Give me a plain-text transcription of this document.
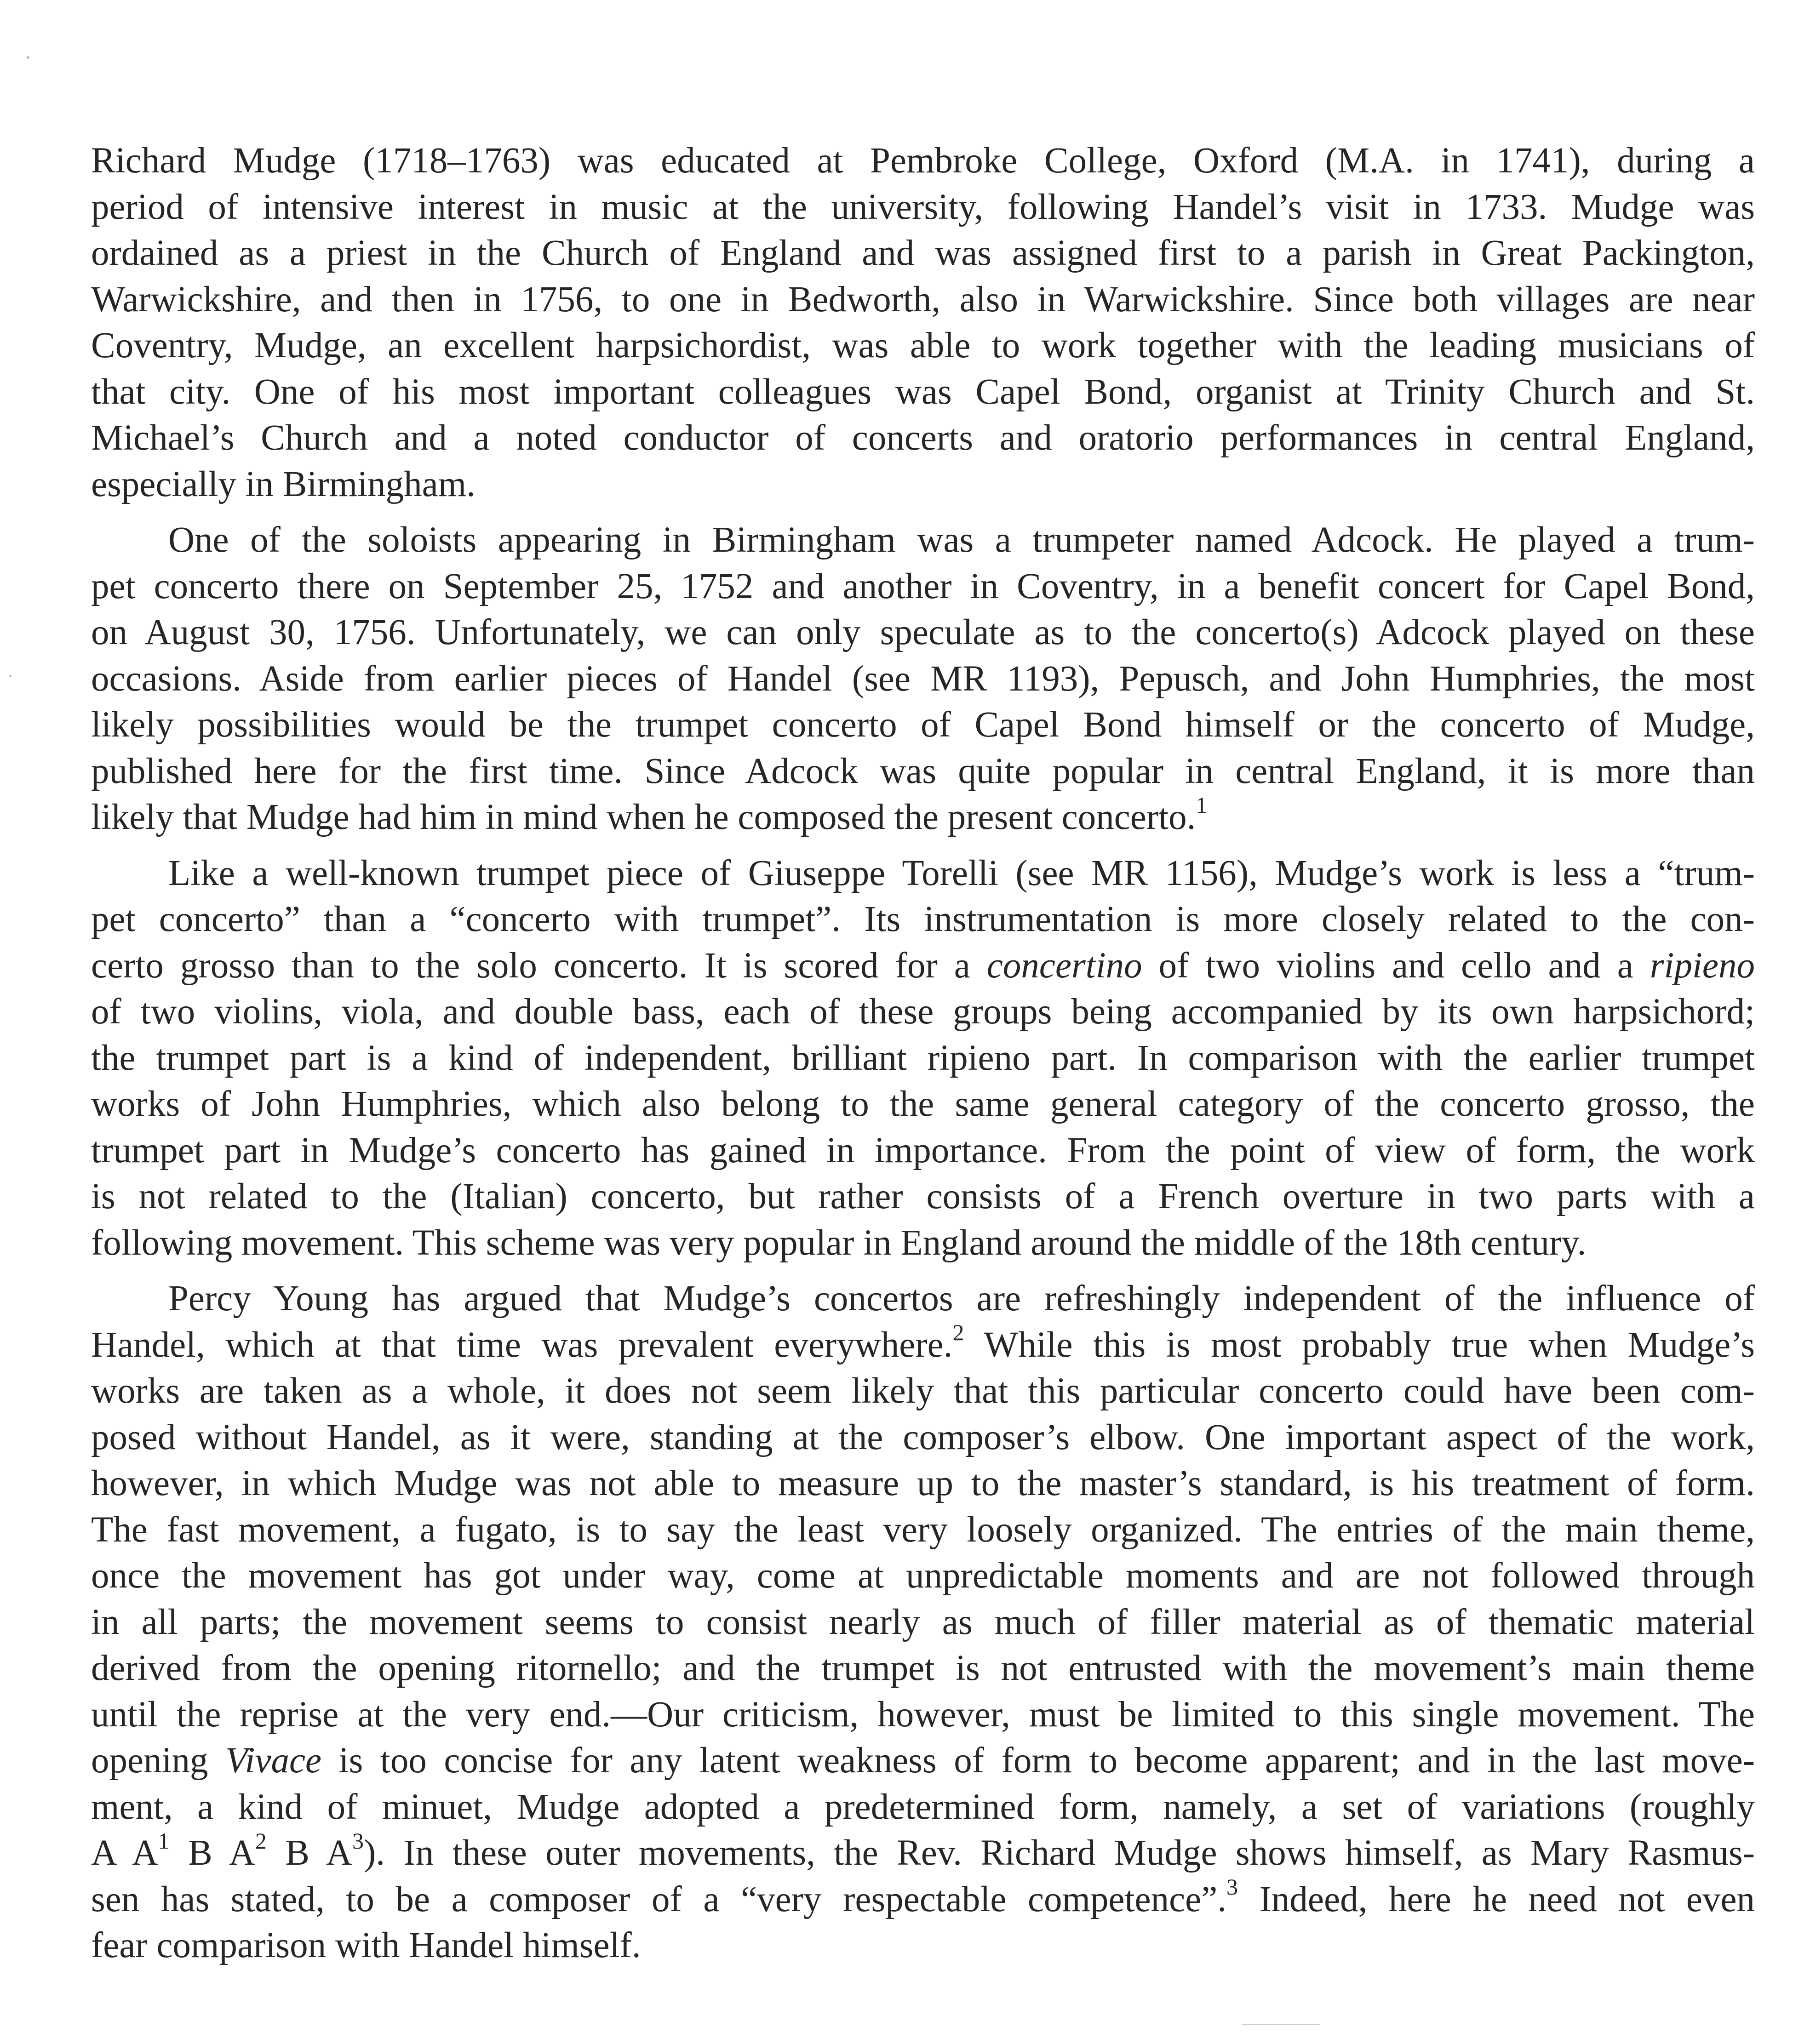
Richard Mudge (1718–1763) was educated at Pembroke College, Oxford (M.A. in 1741), during a
period of intensive interest in music at the university, following Handel’s visit in 1733. Mudge was
ordained as a priest in the Church of England and was assigned first to a parish in Great Packington,
Warwickshire, and then in 1756, to one in Bedworth, also in Warwickshire. Since both villages are near
Coventry, Mudge, an excellent harpsichordist, was able to work together with the leading musicians of
that city. One of his most important colleagues was Capel Bond, organist at Trinity Church and St.
Michael’s Church and a noted conductor of concerts and oratorio performances in central England,
especially in Birmingham.
One of the soloists appearing in Birmingham was a trumpeter named Adcock. He played a trum-
pet concerto there on September 25, 1752 and another in Coventry, in a benefit concert for Capel Bond,
on August 30, 1756. Unfortunately, we can only speculate as to the concerto(s) Adcock played on these
occasions. Aside from earlier pieces of Handel (see MR 1193), Pepusch, and John Humphries, the most
likely possibilities would be the trumpet concerto of Capel Bond himself or the concerto of Mudge,
published here for the first time. Since Adcock was quite popular in central England, it is more than
likely that Mudge had him in mind when he composed the present concerto.$^1$
Like a well-known trumpet piece of Giuseppe Torelli (see MR 1156), Mudge’s work is less a “trum-
pet concerto” than a “concerto with trumpet”. Its instrumentation is more closely related to the con-
certo grosso than to the solo concerto. It is scored for a concertino of two violins and cello and a ripieno
of two violins, viola, and double bass, each of these groups being accompanied by its own harpsichord;
the trumpet part is a kind of independent, brilliant ripieno part. In comparison with the earlier trumpet
works of John Humphries, which also belong to the same general category of the concerto grosso, the
trumpet part in Mudge’s concerto has gained in importance. From the point of view of form, the work
is not related to the (Italian) concerto, but rather consists of a French overture in two parts with a
following movement. This scheme was very popular in England around the middle of the 18th century.
Percy Young has argued that Mudge’s concertos are refreshingly independent of the influence of
Handel, which at that time was prevalent everywhere.$^2$ While this is most probably true when Mudge’s
works are taken as a whole, it does not seem likely that this particular concerto could have been com-
posed without Handel, as it were, standing at the composer’s elbow. One important aspect of the work,
however, in which Mudge was not able to measure up to the master’s standard, is his treatment of form.
The fast movement, a fugato, is to say the least very loosely organized. The entries of the main theme,
once the movement has got under way, come at unpredictable moments and are not followed through
in all parts; the movement seems to consist nearly as much of filler material as of thematic material
derived from the opening ritornello; and the trumpet is not entrusted with the movement’s main theme
until the reprise at the very end.—Our criticism, however, must be limited to this single movement. The
opening Vivace is too concise for any latent weakness of form to become apparent; and in the last move-
ment, a kind of minuet, Mudge adopted a predetermined form, namely, a set of variations (roughly
A $A^1$ B $A^2$ B $A^3$). In these outer movements, the Rev. Richard Mudge shows himself, as Mary Rasmus-
sen has stated, to be a composer of a “very respectable competence”.$^3$ Indeed, here he need not even
fear comparison with Handel himself.
